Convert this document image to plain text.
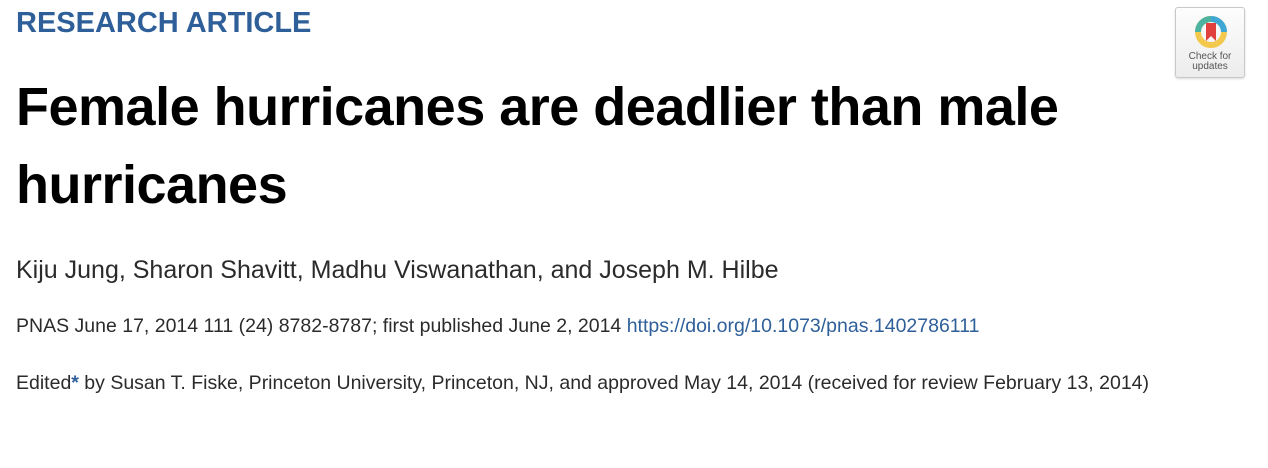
RESEARCH ARTICLE
Check for
updates
Female hurricanes are deadlier than male hurricanes
Kiju Jung, Sharon Shavitt, Madhu Viswanathan, and Joseph M. Hilbe
PNAS June 17, 2014 111 (24) 8782-8787; first published June 2, 2014 https://doi.org/10.1073/pnas.1402786111
Edited* by Susan T. Fiske, Princeton University, Princeton, NJ, and approved May 14, 2014 (received for review February 13, 2014)
